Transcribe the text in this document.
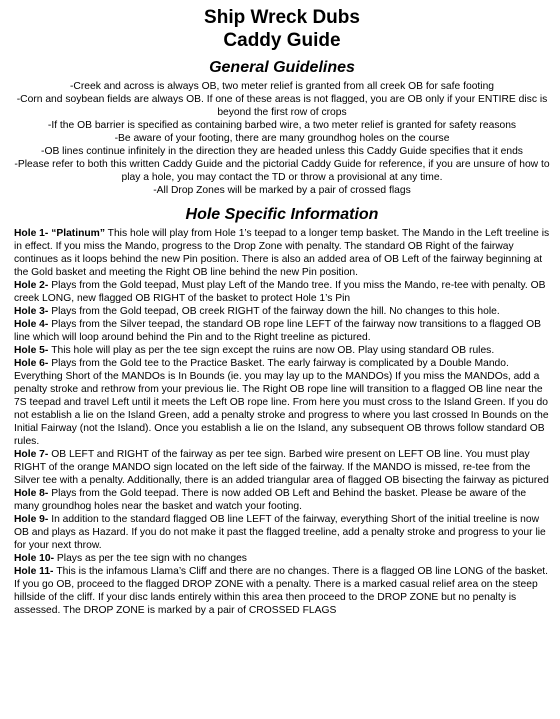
Ship Wreck Dubs

Caddy Guide

General Guidelines

-Creek and across is always OB, two meter relief is granted from all creek OB for safe footing

-Corn and soybean fields are always OB. If one of these areas is not flagged, you are OB only if your ENTIRE disc is beyond the first row of crops

-If the OB barrier is specified as containing barbed wire, a two meter relief is granted for safety reasons

-Be aware of your footing, there are many groundhog holes on the course

-OB lines continue infinitely in the direction they are headed unless this Caddy Guide specifies that it ends

-Please refer to both this written Caddy Guide and the pictorial Caddy Guide for reference, if you are unsure of how to play a hole, you may contact the TD or throw a provisional at any time.

-All Drop Zones will be marked by a pair of crossed flags

Hole Specific Information

Hole 1- “Platinum” This hole will play from Hole 1’s teepad to a longer temp basket. The Mando in the Left treeline is in effect. If you miss the Mando, progress to the Drop Zone with penalty. The standard OB Right of the fairway continues as it loops behind the new Pin position. There is also an added area of OB Left of the fairway beginning at the Gold basket and meeting the Right OB line behind the new Pin position.

Hole 2- Plays from the Gold teepad, Must play Left of the Mando tree. If you miss the Mando, re-tee with penalty. OB creek LONG, new flagged OB RIGHT of the basket to protect Hole 1’s Pin

Hole 3- Plays from the Gold teepad, OB creek RIGHT of the fairway down the hill. No changes to this hole.

Hole 4- Plays from the Silver teepad, the standard OB rope line LEFT of the fairway now transitions to a flagged OB line which will loop around behind the Pin and to the Right treeline as pictured.

Hole 5- This hole will play as per the tee sign except the ruins are now OB. Play using standard OB rules.

Hole 6- Plays from the Gold tee to the Practice Basket. The early fairway is complicated by a Double Mando. Everything Short of the MANDOs is In Bounds (ie. you may lay up to the MANDOs) If you miss the MANDOs, add a penalty stroke and rethrow from your previous lie. The Right OB rope line will transition to a flagged OB line near the 7S teepad and travel Left until it meets the Left OB rope line. From here you must cross to the Island Green. If you do not establish a lie on the Island Green, add a penalty stroke and progress to where you last crossed In Bounds on the Initial Fairway (not the Island). Once you establish a lie on the Island, any subsequent OB throws follow standard OB rules.

Hole 7- OB LEFT and RIGHT of the fairway as per tee sign. Barbed wire present on LEFT OB line. You must play RIGHT of the orange MANDO sign located on the left side of the fairway. If the MANDO is missed, re-tee from the Silver tee with a penalty. Additionally, there is an added triangular area of flagged OB bisecting the fairway as pictured

Hole 8- Plays from the Gold teepad. There is now added OB Left and Behind the basket. Please be aware of the many groundhog holes near the basket and watch your footing.

Hole 9- In addition to the standard flagged OB line LEFT of the fairway, everything Short of the initial treeline is now OB and plays as Hazard. If you do not make it past the flagged treeline, add a penalty stroke and progress to your lie for your next throw.

Hole 10- Plays as per the tee sign with no changes

Hole 11- This is the infamous Llama’s Cliff and there are no changes. There is a flagged OB line LONG of the basket. If you go OB, proceed to the flagged DROP ZONE with a penalty. There is a marked casual relief area on the steep hillside of the cliff. If your disc lands entirely within this area then proceed to the DROP ZONE but no penalty is assessed. The DROP ZONE is marked by a pair of CROSSED FLAGS
